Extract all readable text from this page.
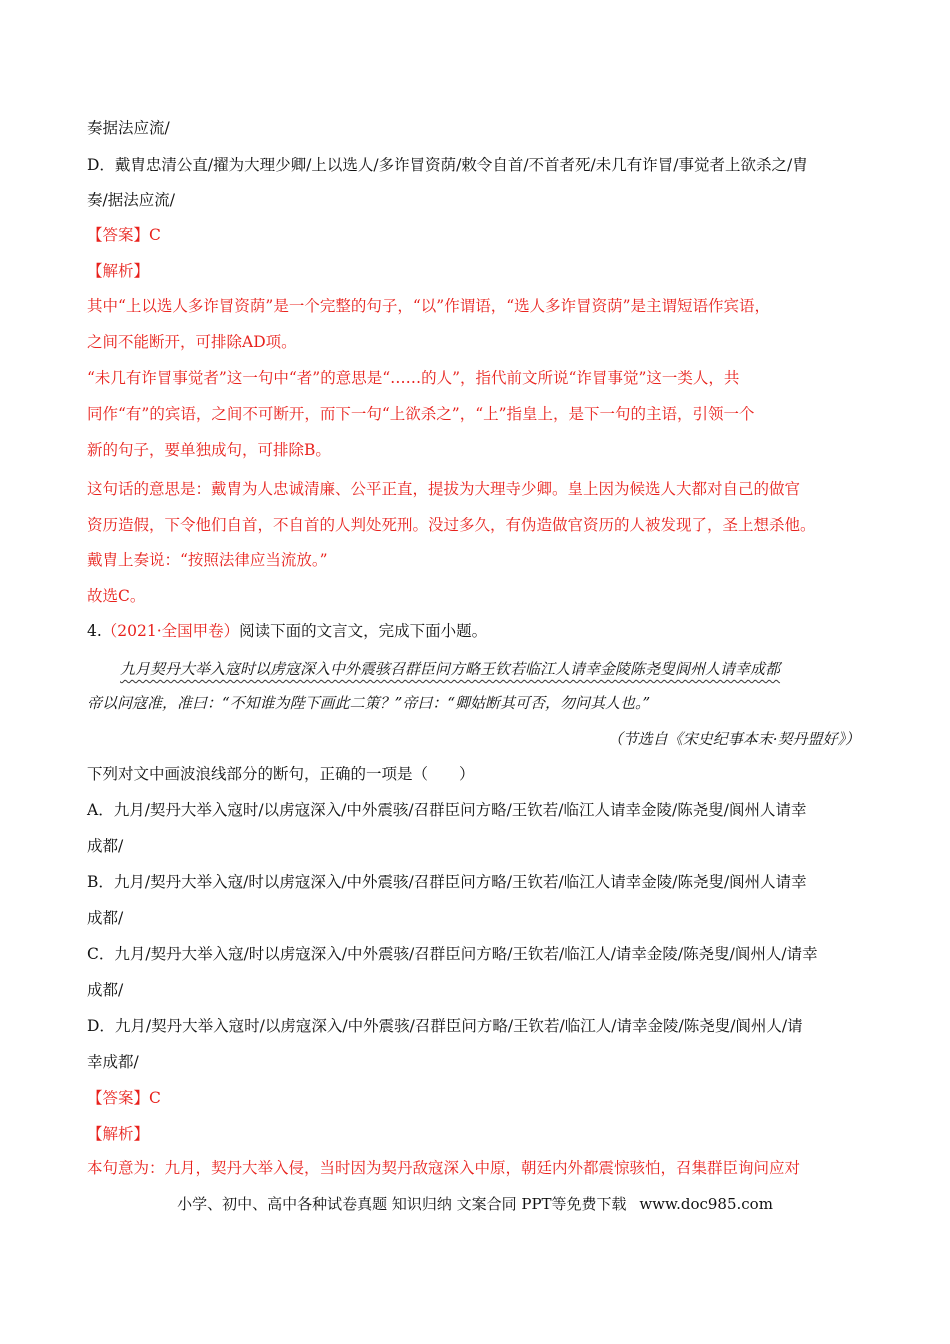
奏据法应流/
D．戴胄忠清公直/擢为大理少卿/上以选人/多诈冒资荫/敕令自首/不首者死/未几有诈冒/事觉者上欲杀之/胄
奏/据法应流/
【答案】C
【解析】
其中“上以选人多诈冒资荫”是一个完整的句子，“以”作谓语，“选人多诈冒资荫”是主谓短语作宾语，
之间不能断开，可排除AD项。
“未几有诈冒事觉者”这一句中“者”的意思是“……的人”，指代前文所说“诈冒事觉”这一类人，共
同作“有”的宾语，之间不可断开，而下一句“上欲杀之”，“上”指皇上，是下一句的主语，引领一个
新的句子，要单独成句，可排除B。
这句话的意思是：戴胄为人忠诚清廉、公平正直，提拔为大理寺少卿。皇上因为候选人大都对自己的做官
资历造假，下令他们自首，不自首的人判处死刑。没过多久，有伪造做官资历的人被发现了，圣上想杀他。
戴胄上奏说：“按照法律应当流放。”
故选C。
4.（2021·全国甲卷）阅读下面的文言文，完成下面小题。
九月契丹大举入寇时以虏寇深入中外震骇召群臣问方略王钦若临江人请幸金陵陈尧叟阆州人请幸成都
帝以问寇准，准曰：“不知谁为陛下画此二策？”帝曰：“卿姑断其可否，勿问其人也。”
（节选自《宋史纪事本末·契丹盟好》）
下列对文中画波浪线部分的断句，正确的一项是（　　）
A．九月/契丹大举入寇时/以虏寇深入/中外震骇/召群臣问方略/王钦若/临江人请幸金陵/陈尧叟/阆州人请幸
成都/
B．九月/契丹大举入寇/时以虏寇深入/中外震骇/召群臣问方略/王钦若/临江人请幸金陵/陈尧叟/阆州人请幸
成都/
C．九月/契丹大举入寇/时以虏寇深入/中外震骇/召群臣问方略/王钦若/临江人/请幸金陵/陈尧叟/阆州人/请幸
成都/
D．九月/契丹大举入寇时/以虏寇深入/中外震骇/召群臣问方略/王钦若/临江人/请幸金陵/陈尧叟/阆州人/请
幸成都/
【答案】C
【解析】
本句意为：九月，契丹大举入侵，当时因为契丹敌寇深入中原，朝廷内外都震惊骇怕，召集群臣询问应对
小学、初中、高中各种试卷真题 知识归纳 文案合同 PPT等免费下载 www.doc985.com
